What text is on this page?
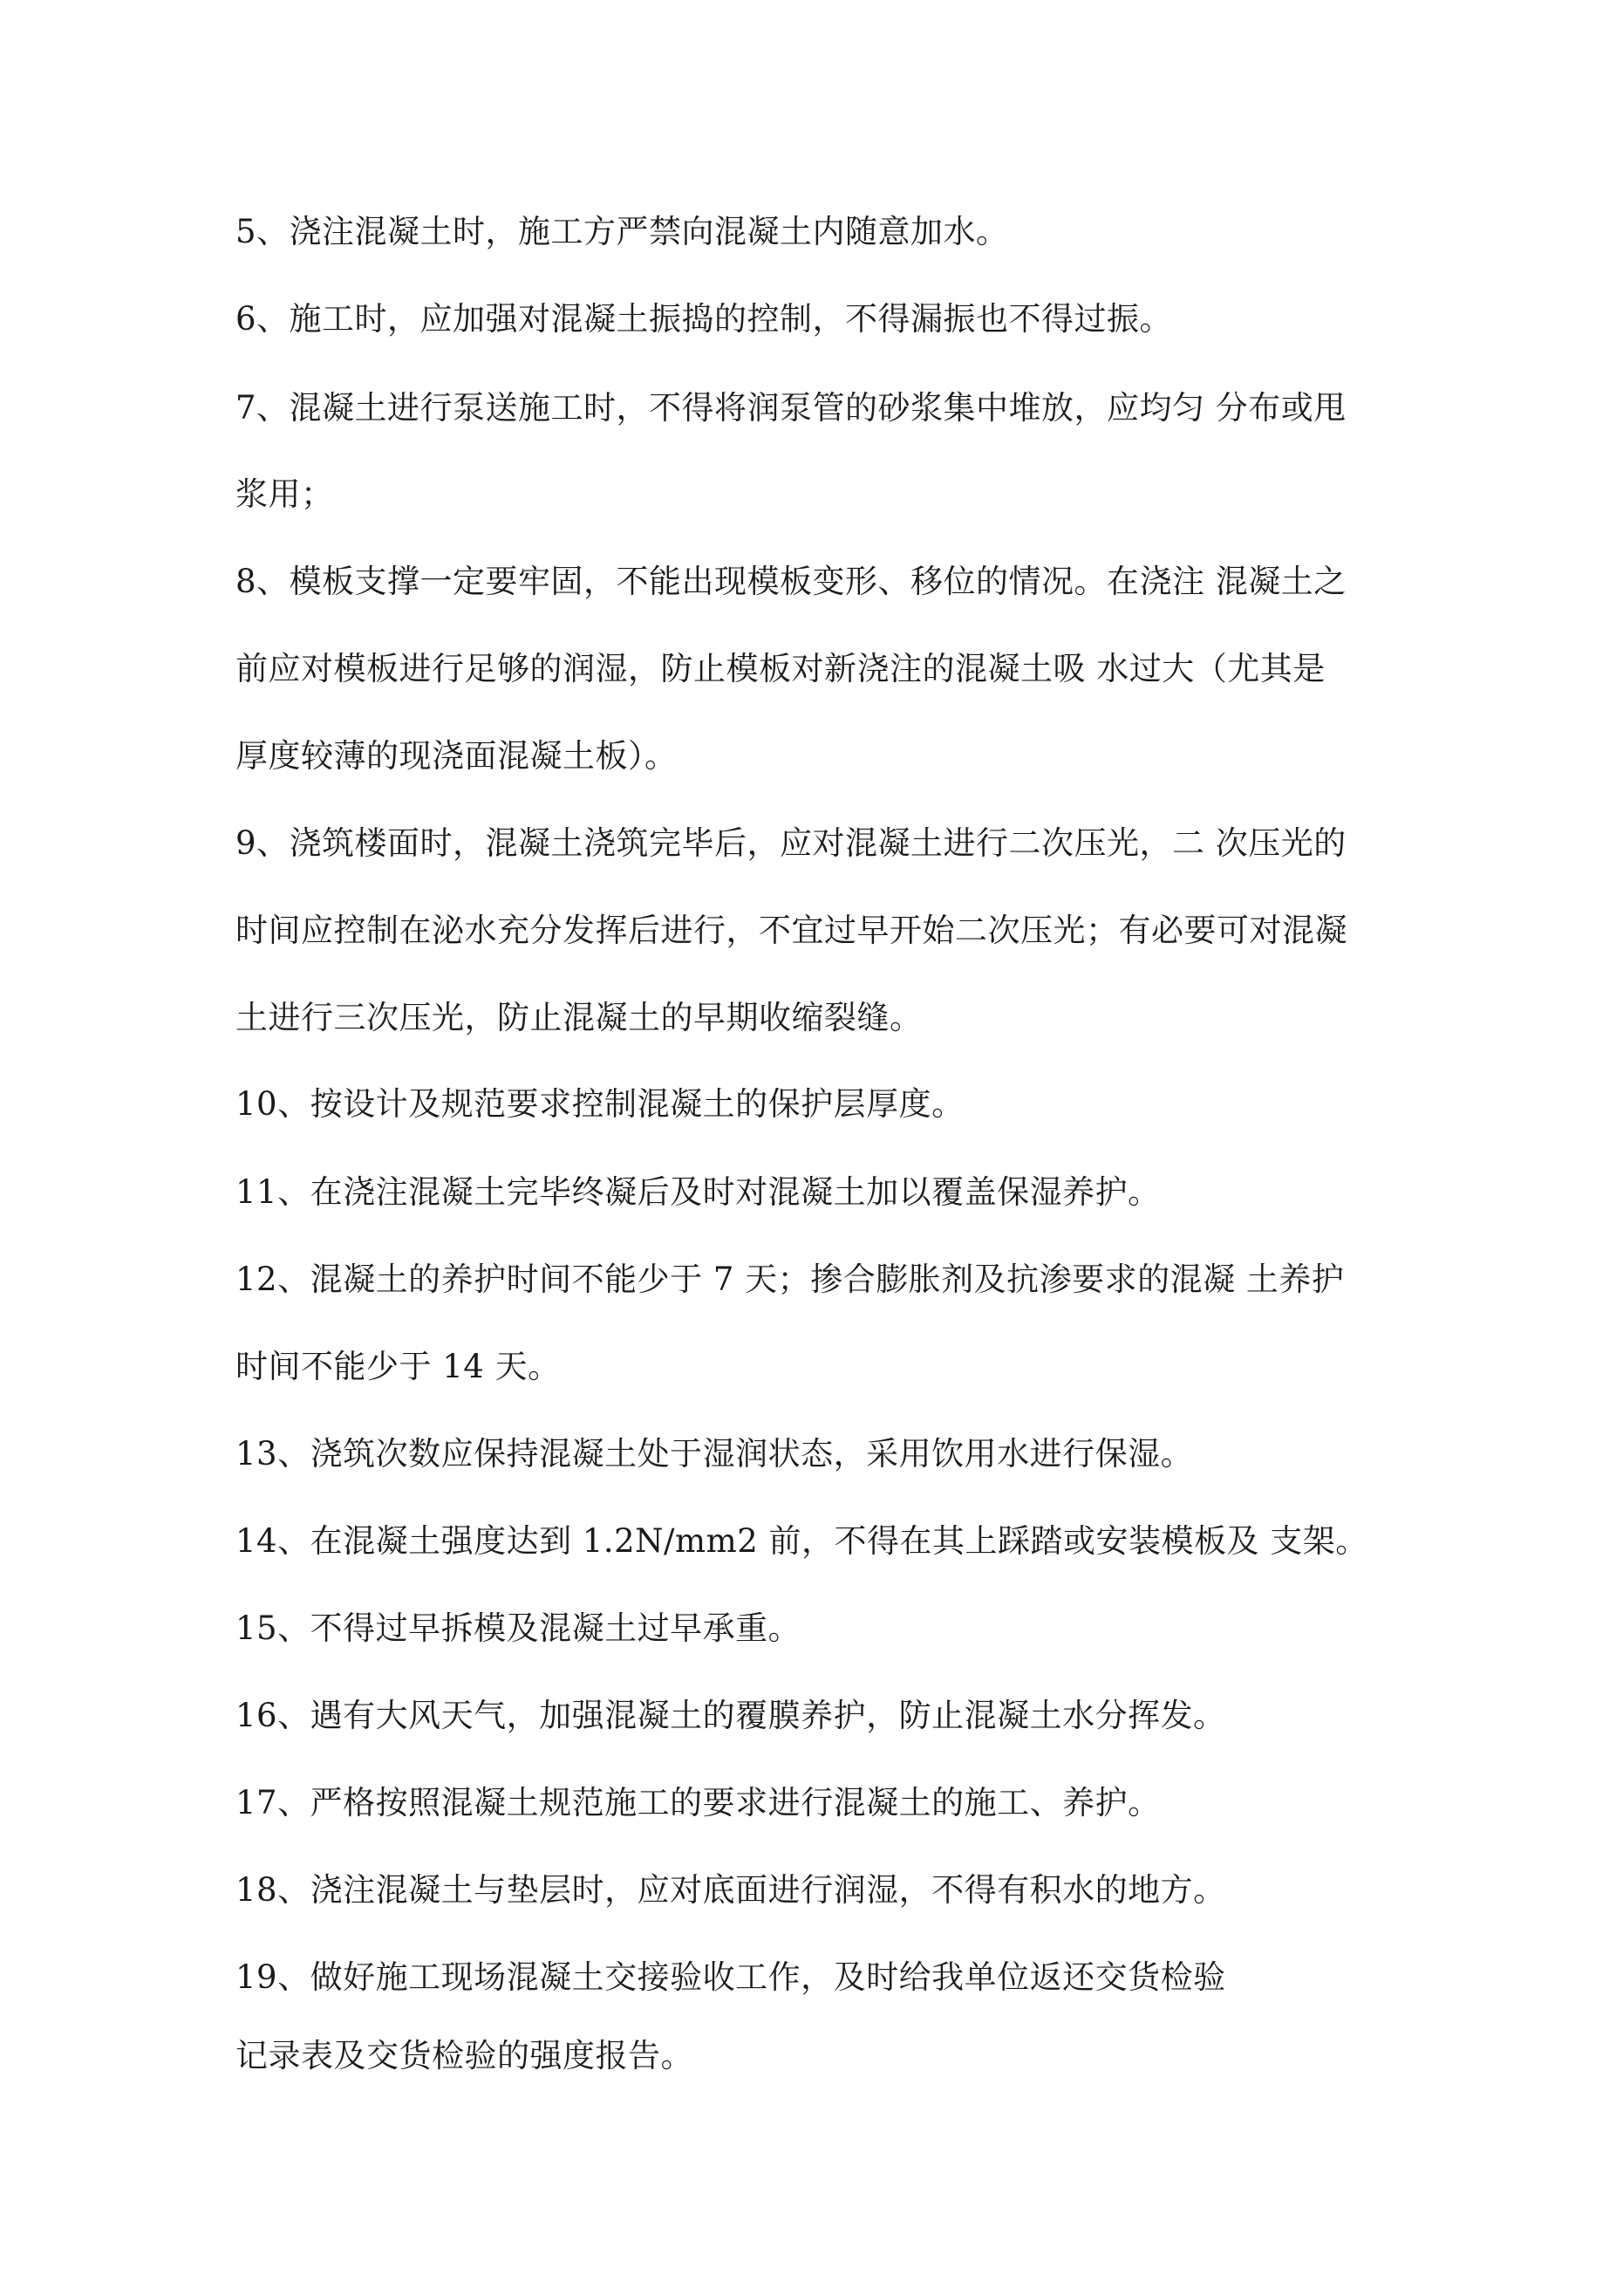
5、浇注混凝土时，施工方严禁向混凝土内随意加水。

6、施工时，应加强对混凝土振捣的控制，不得漏振也不得过振。

7、混凝土进行泵送施工时，不得将润泵管的砂浆集中堆放，应均匀 分布或甩

浆用；

8、模板支撑一定要牢固，不能出现模板变形、移位的情况。在浇注 混凝土之

前应对模板进行足够的润湿，防止模板对新浇注的混凝土吸 水过大（尤其是

厚度较薄的现浇面混凝土板）。

9、浇筑楼面时，混凝土浇筑完毕后，应对混凝土进行二次压光，二 次压光的

时间应控制在泌水充分发挥后进行，不宜过早开始二次压光；有必要可对混凝

土进行三次压光，防止混凝土的早期收缩裂缝。

10、按设计及规范要求控制混凝土的保护层厚度。

11、在浇注混凝土完毕终凝后及时对混凝土加以覆盖保湿养护。

12、混凝土的养护时间不能少于 7 天；掺合膨胀剂及抗渗要求的混凝 土养护

时间不能少于 14 天。

13、浇筑次数应保持混凝土处于湿润状态，采用饮用水进行保湿。

14、在混凝土强度达到 1.2N/mm2 前，不得在其上踩踏或安装模板及 支架。

15、不得过早拆模及混凝土过早承重。

16、遇有大风天气，加强混凝土的覆膜养护，防止混凝土水分挥发。

17、严格按照混凝土规范施工的要求进行混凝土的施工、养护。

18、浇注混凝土与垫层时，应对底面进行润湿，不得有积水的地方。

19、做好施工现场混凝土交接验收工作，及时给我单位返还交货检验

记录表及交货检验的强度报告。
